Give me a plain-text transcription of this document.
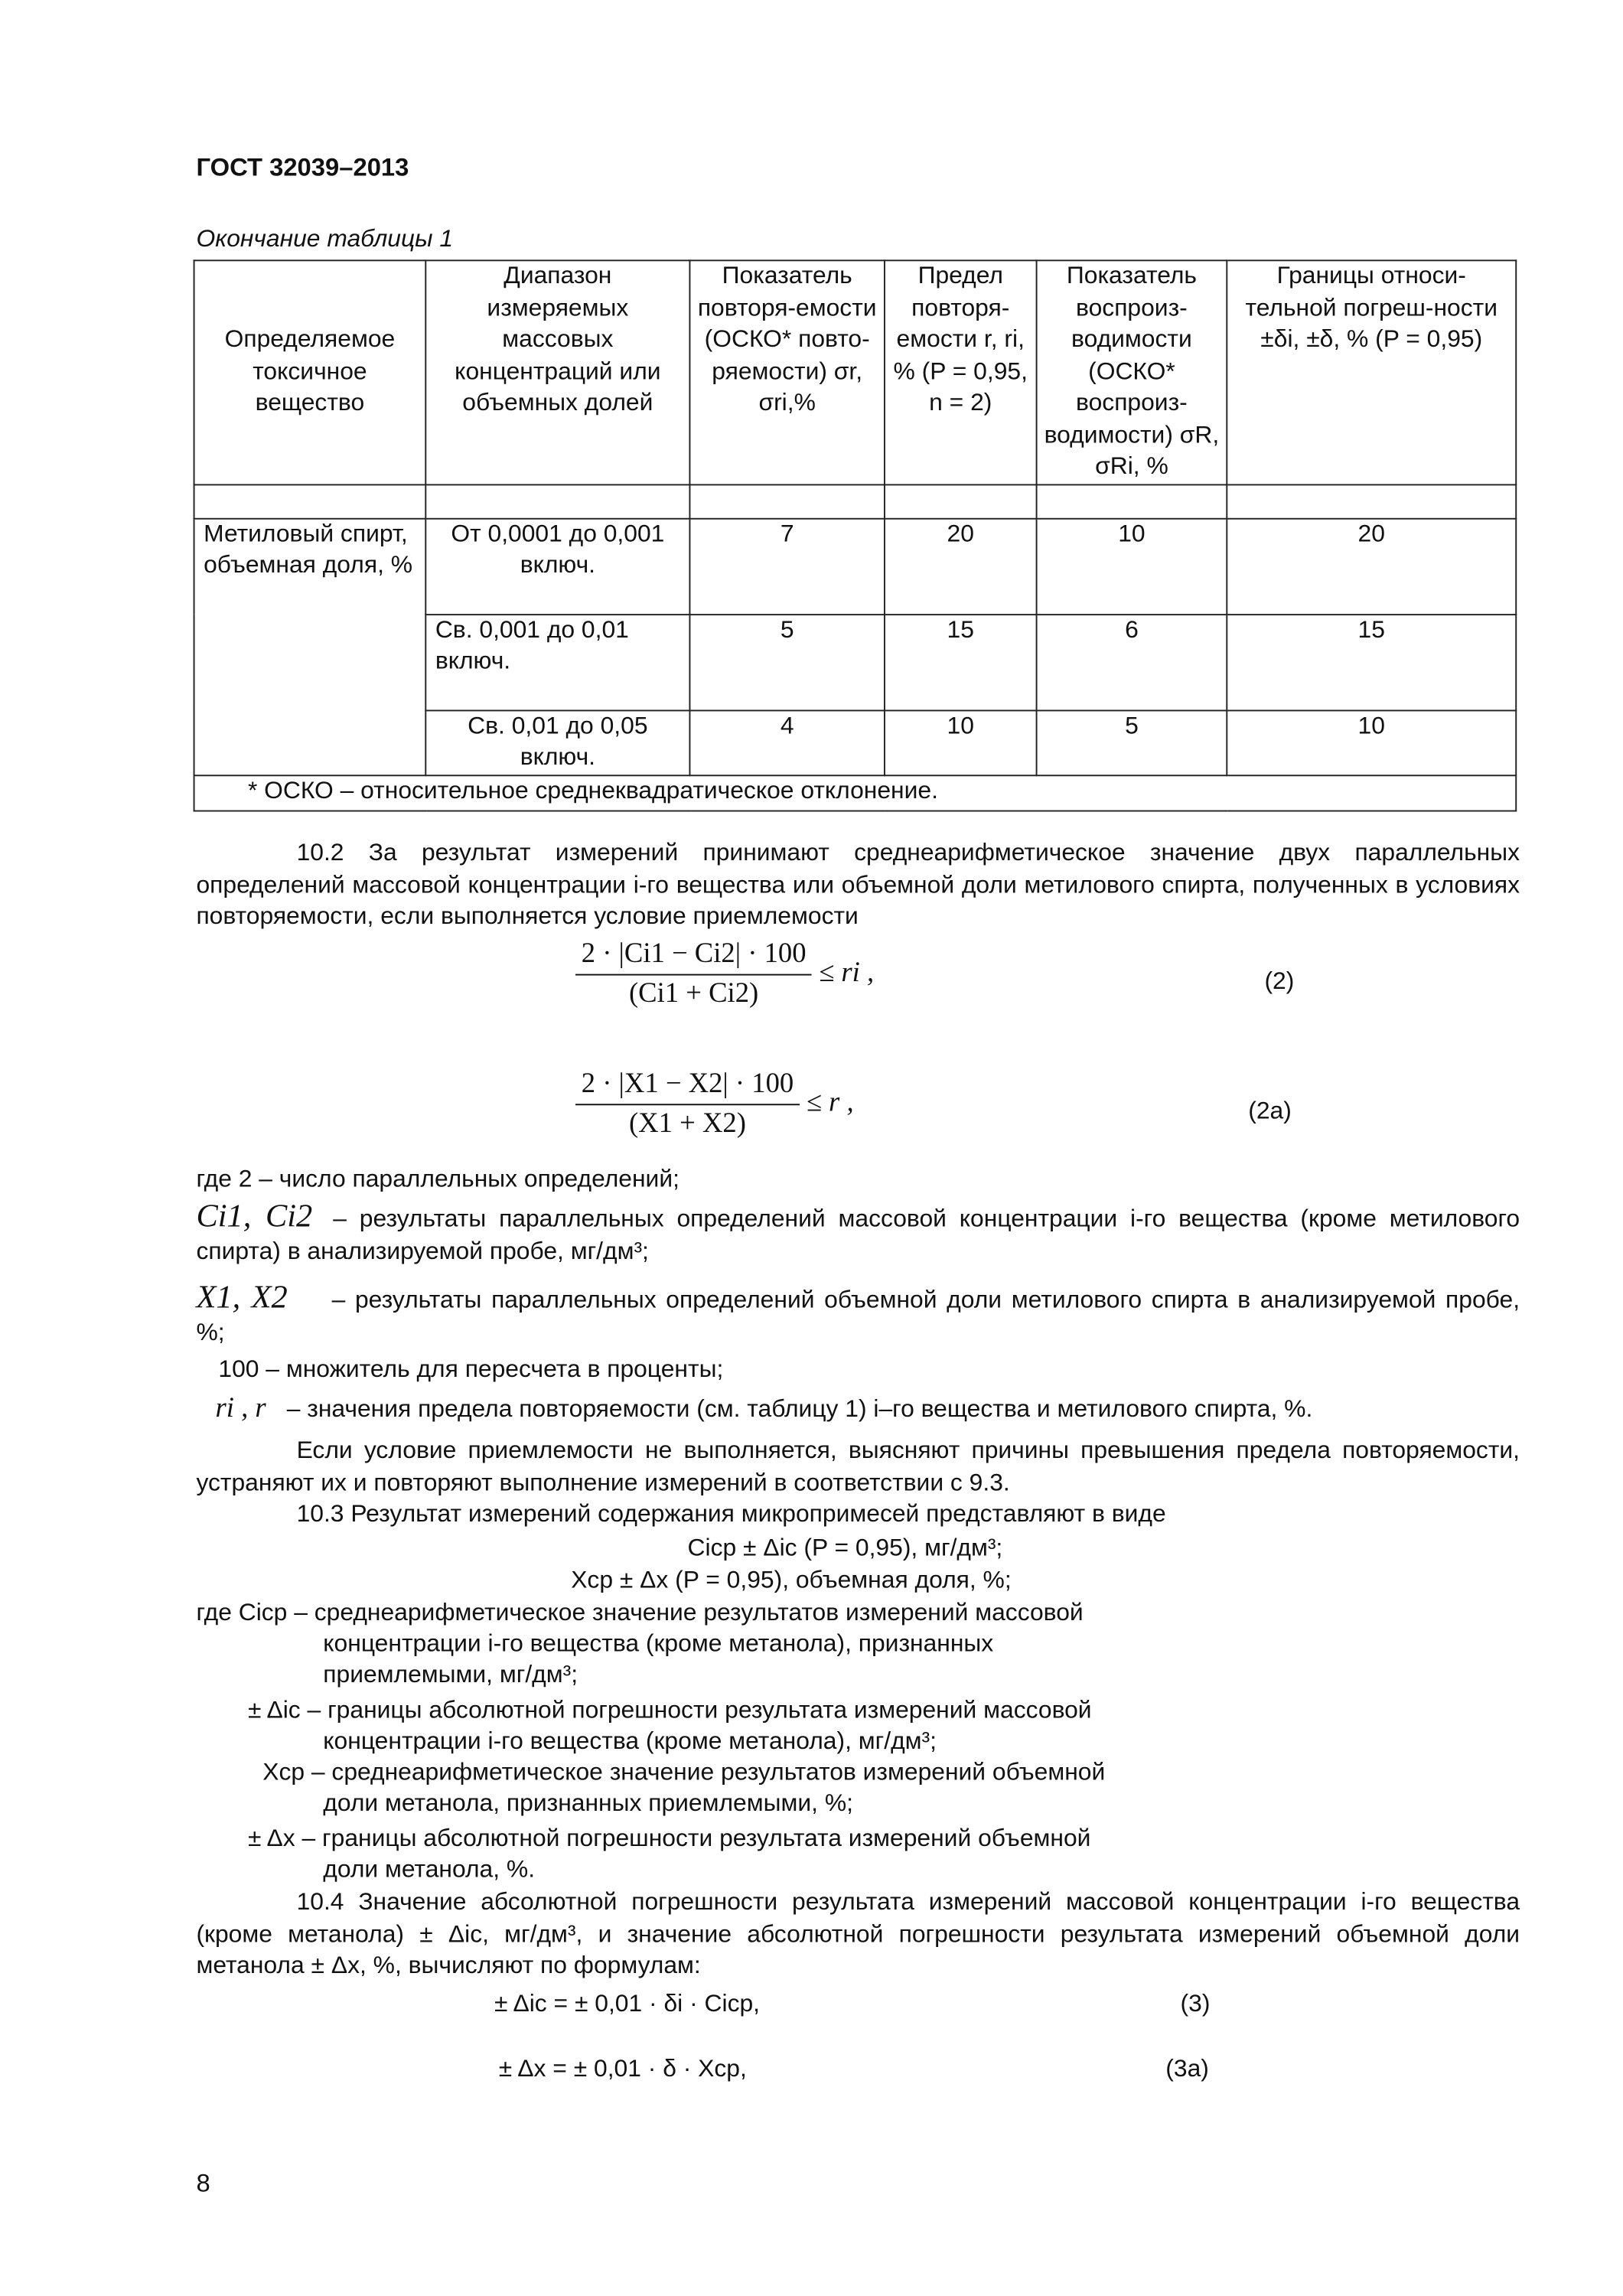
ГОСТ 32039–2013
Окончание таблицы 1
Определяемое токсичное вещество	Диапазон измеряемых массовых концентраций или объемных долей	Показатель повторя-емости (ОСКО* повто-ряемости) σr, σri,%	Предел повторя-емости r, ri, % (P = 0,95, n = 2)	Показатель воспроиз-водимости (ОСКО* воспроиз-водимости) σR, σRi, %	Границы относи-тельной погреш-ности ±δi, ±δ, % (P = 0,95)

Метиловый спирт, объемная доля, %	От 0,0001 до 0,001 включ.	7	20	10	20
	Св. 0,001 до 0,01   включ.	5	15	6	15
	Св. 0,01 до 0,05 включ.	4	10	5	10
* ОСКО – относительное среднеквадратическое отклонение.					
10.2 За результат измерений принимают среднеарифметическое значение двух параллельных определений массовой концентрации i-го вещества или объемной доли метилового спирта, полученных в условиях повторяемости, если выполняется условие приемлемости
$\frac{2 \cdot |Ci1 - Ci2| \cdot 100}{(Ci1 + Ci2)}$ ≤ ri ,	(2)
$\frac{2 \cdot |X1 - X2| \cdot 100}{(X1 + X2)} \le r$ ,	(2а)
где 2 – число параллельных определений;
Ci1, Ci2 – результаты параллельных определений массовой концентрации i-го вещества (кроме метилового спирта) в анализируемой пробе, мг/дм³;
X1, X2	– результаты параллельных определений объемной доли метилового спирта в анализируемой пробе, %;
100 – множитель для пересчета в проценты;
ri , r – значения предела повторяемости (см. таблицу 1) i–го вещества и метилового спирта, %.
Если условие приемлемости не выполняется, выясняют причины превышения предела повторяемости, устраняют их и повторяют выполнение измерений в соответствии с 9.3.
10.3 Результат измерений содержания микропримесей представляют в виде
Ciср ± Δic (P = 0,95), мг/дм³;
Xср ± Δx (P = 0,95), объемная доля, %;
где Ciср – среднеарифметическое значение результатов измерений массовой
концентрации i-го вещества (кроме метанола), признанных
приемлемыми, мг/дм³;
± Δic – границы абсолютной погрешности результата измерений массовой
концентрации i-го вещества (кроме метанола), мг/дм³;
Xср – среднеарифметическое значение результатов измерений объемной
доли метанола, признанных приемлемыми, %;
± Δx – границы абсолютной погрешности результата измерений объемной
доли метанола, %.
10.4 Значение абсолютной погрешности результата измерений массовой концентрации i-го вещества (кроме метанола) ± Δic, мг/дм³, и значение абсолютной погрешности результата измерений объемной доли метанола ± Δx, %, вычисляют по формулам:
± Δic = ± 0,01 · δi · Ciср,	(3)
± Δx = ± 0,01 · δ · Xср,	(3а)
8
